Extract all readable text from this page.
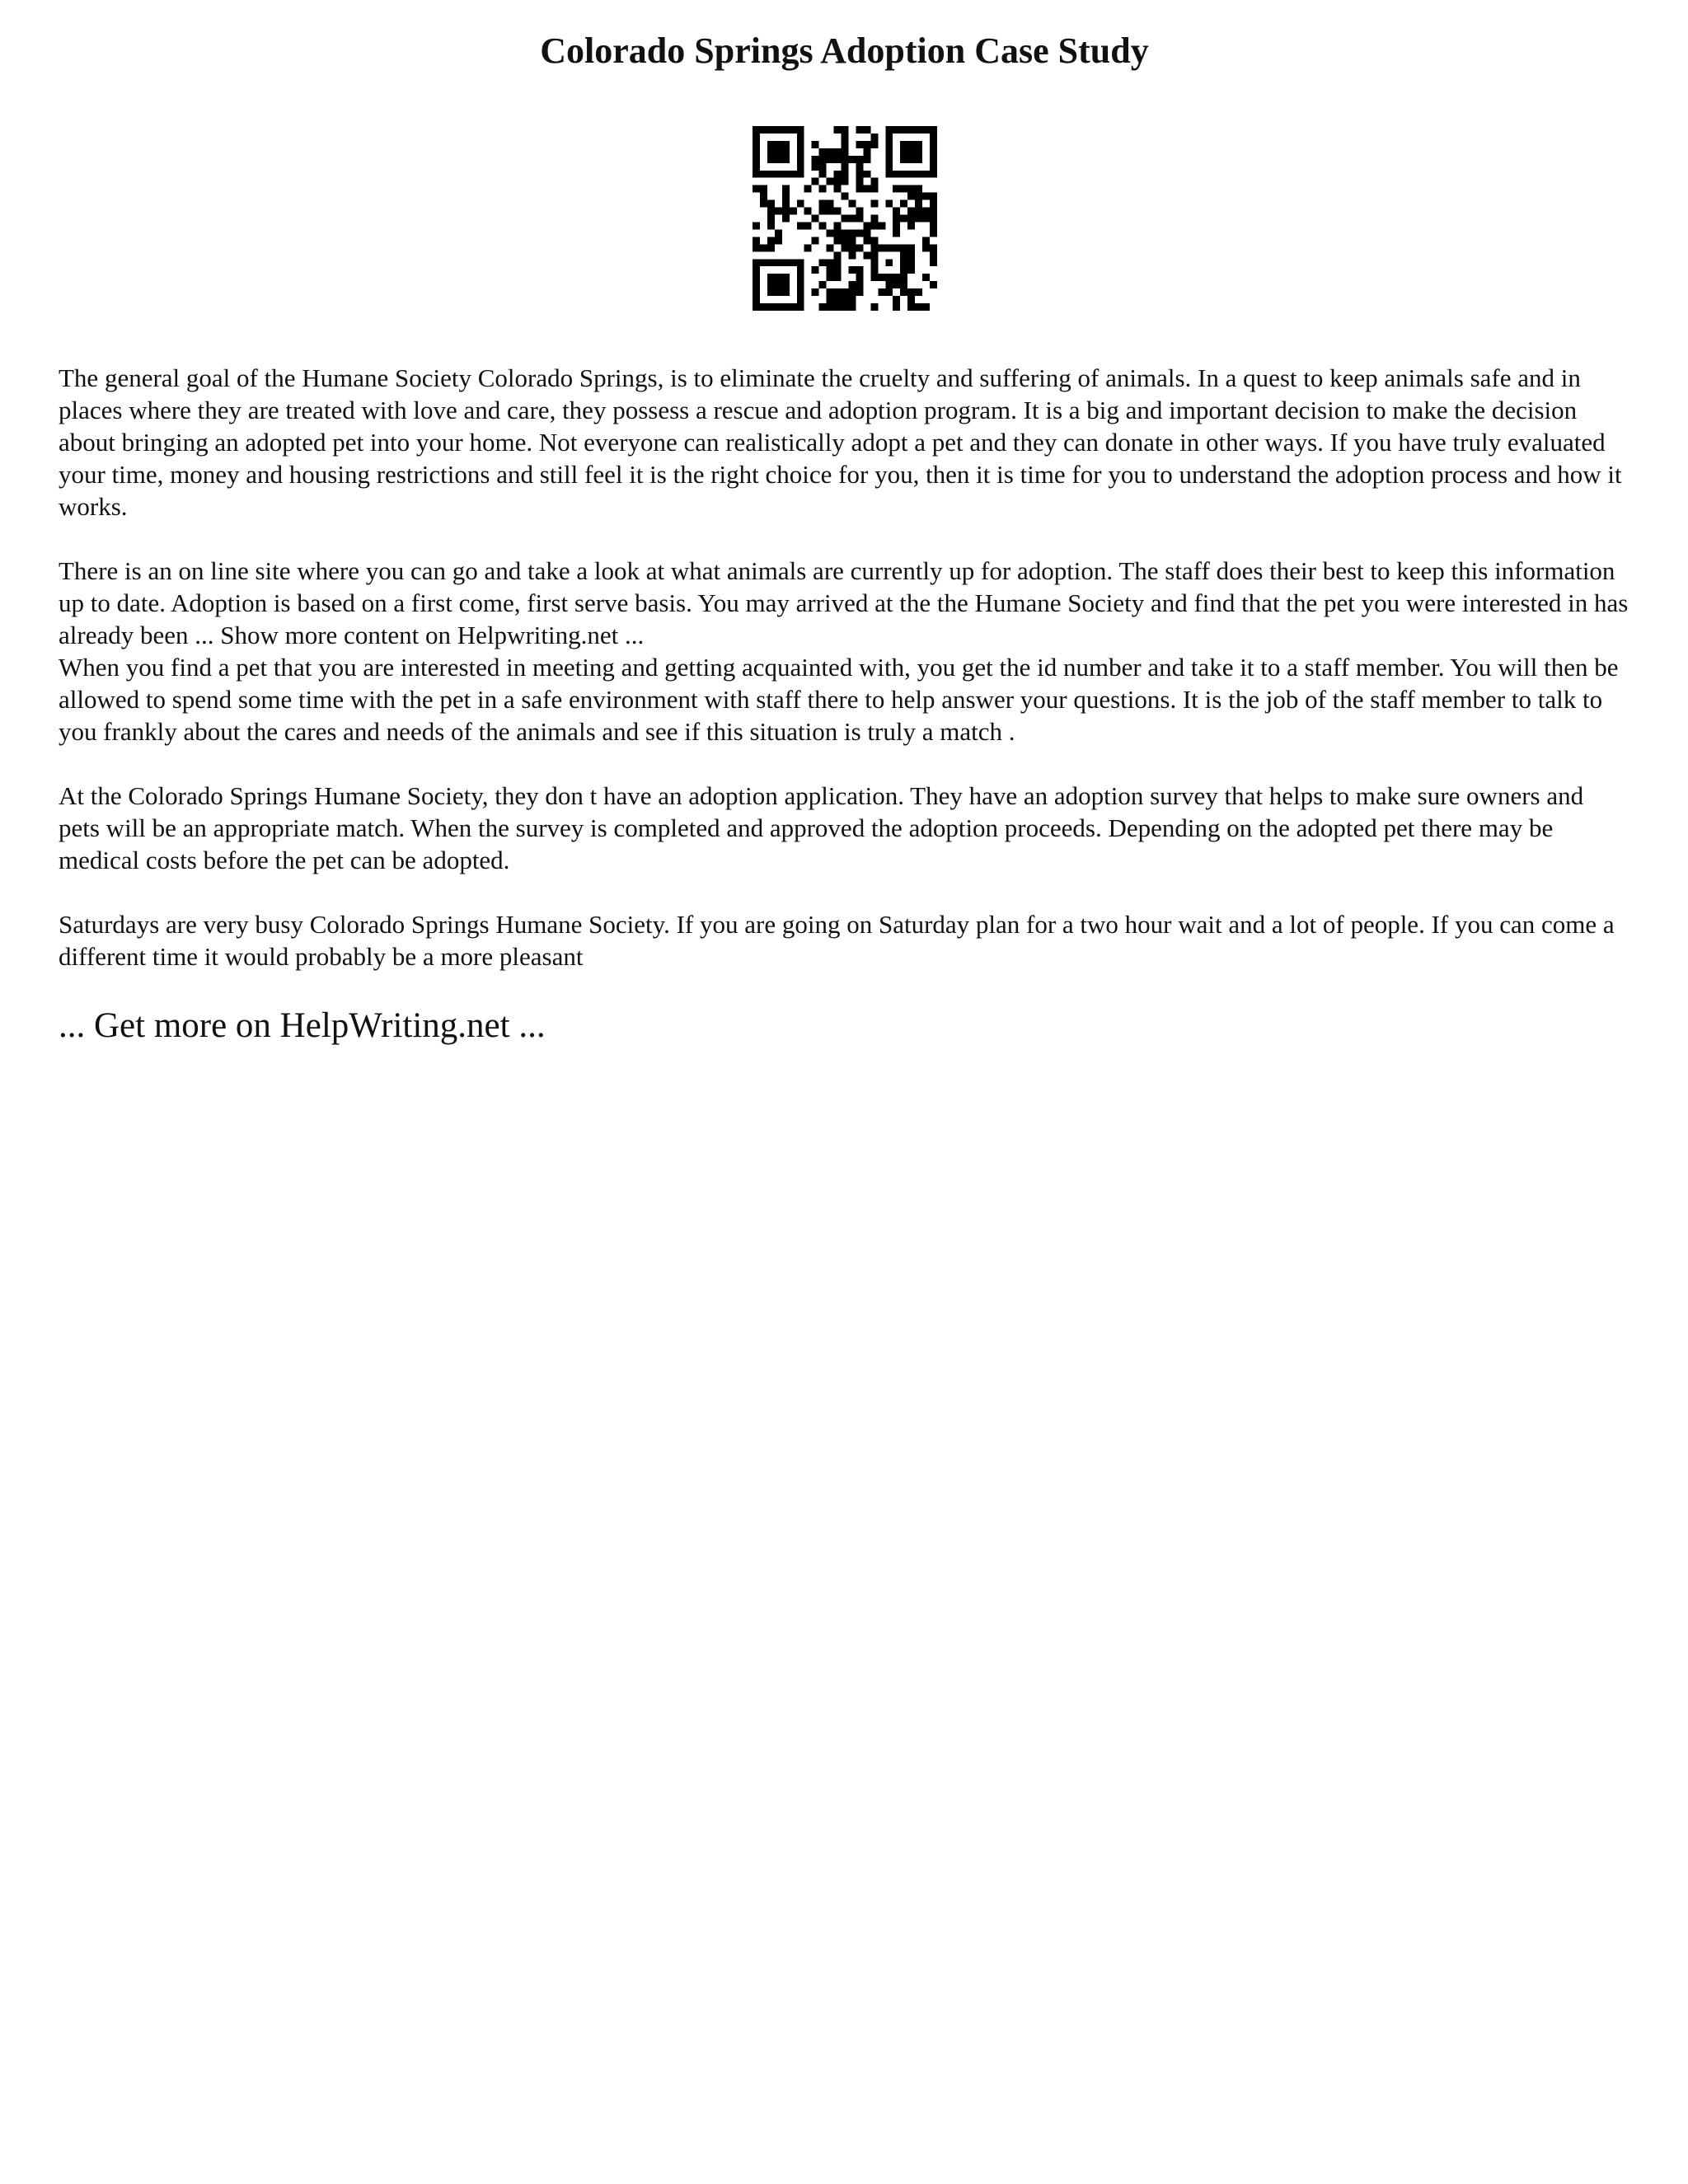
Colorado Springs Adoption Case Study

The general goal of the Humane Society Colorado Springs, is to eliminate the cruelty and suffering of animals. In a quest to keep animals safe and in places where they are treated with love and care, they possess a rescue and adoption program. It is a big and important decision to make the decision about bringing an adopted pet into your home. Not everyone can realistically adopt a pet and they can donate in other ways. If you have truly evaluated your time, money and housing restrictions and still feel it is the right choice for you, then it is time for you to understand the adoption process and how it works.

There is an on line site where you can go and take a look at what animals are currently up for adoption. The staff does their best to keep this information up to date. Adoption is based on a first come, first serve basis. You may arrived at the the Humane Society and find that the pet you were interested in has already been ... Show more content on Helpwriting.net ...

When you find a pet that you are interested in meeting and getting acquainted with, you get the id number and take it to a staff member. You will then be allowed to spend some time with the pet in a safe environment with staff there to help answer your questions. It is the job of the staff member to talk to you frankly about the cares and needs of the animals and see if this situation is truly a match .

At the Colorado Springs Humane Society, they don t have an adoption application. They have an adoption survey that helps to make sure owners and pets will be an appropriate match. When the survey is completed and approved the adoption proceeds. Depending on the adopted pet there may be medical costs before the pet can be adopted.

Saturdays are very busy Colorado Springs Humane Society. If you are going on Saturday plan for a two hour wait and a lot of people. If you can come a different time it would probably be a more pleasant

... Get more on HelpWriting.net ...
